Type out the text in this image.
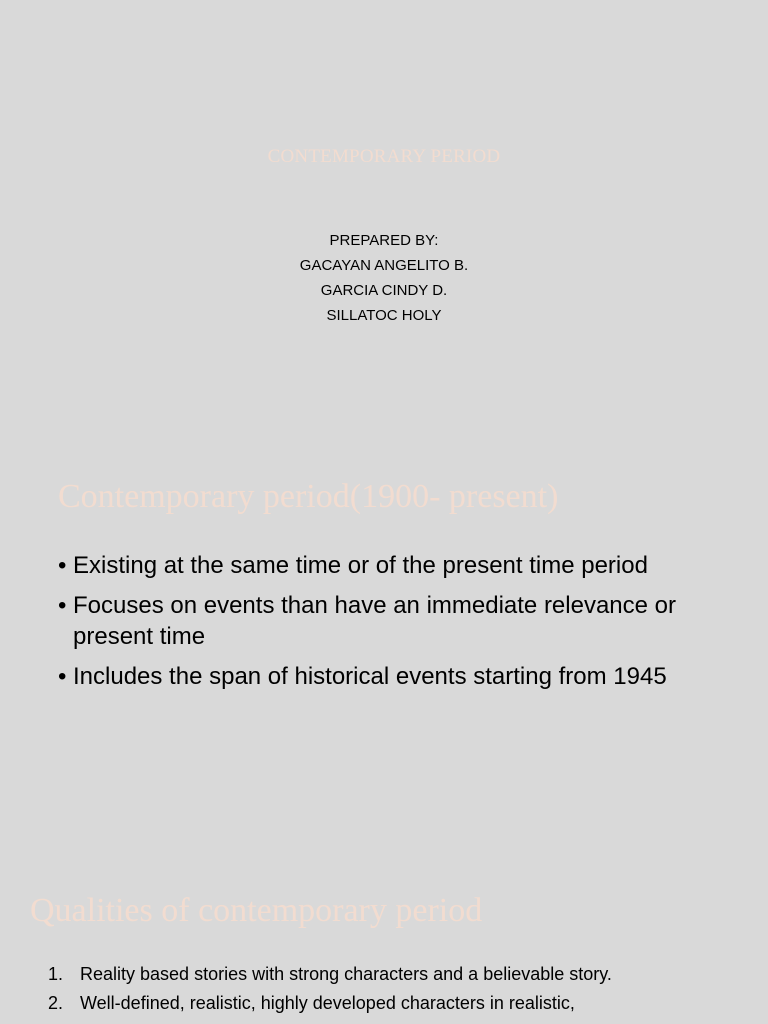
CONTEMPORARY PERIOD
PREPARED BY:
GACAYAN ANGELITO B.
GARCIA CINDY D.
SILLATOC HOLY
Contemporary period(1900- present)
• Existing at the same time or of the present time period
• Focuses on events than have an immediate relevance or present time
• Includes the span of historical events starting from 1945
Qualities of contemporary period
1. Reality based stories with strong characters and a believable story.
2. Well-defined, realistic, highly developed characters in realistic,
